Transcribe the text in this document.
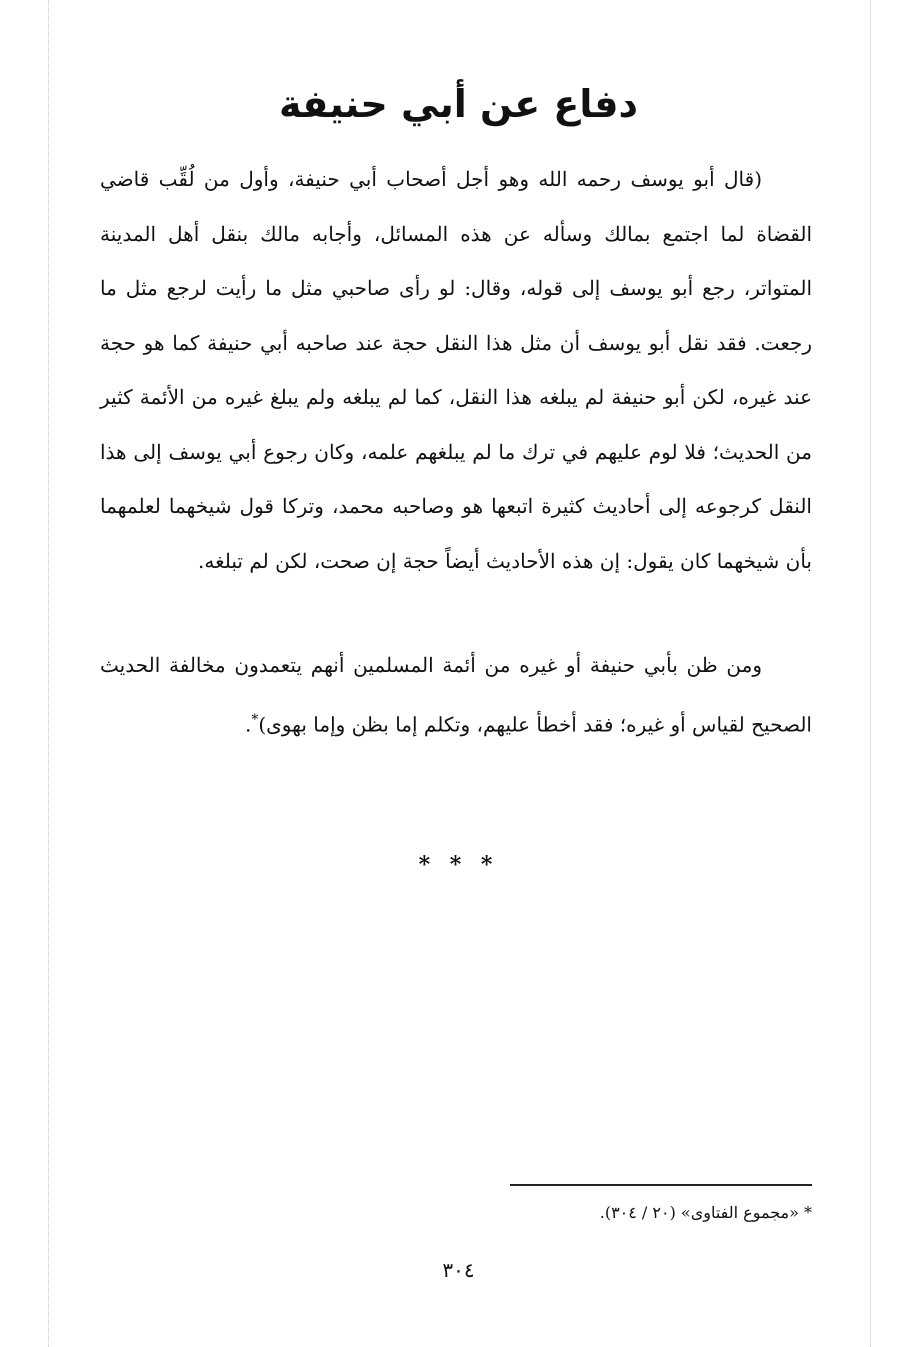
دفاع عن أبي حنيفة

(قال أبو يوسف رحمه الله وهو أجل أصحاب أبي حنيفة، وأول من لُقِّب قاضي القضاة لما اجتمع بمالك وسأله عن هذه المسائل، وأجابه مالك بنقل أهل المدينة المتواتر، رجع أبو يوسف إلى قوله، وقال: لو رأى صاحبي مثل ما رأيت لرجع مثل ما رجعت. فقد نقل أبو يوسف أن مثل هذا النقل حجة عند صاحبه أبي حنيفة كما هو حجة عند غيره، لكن أبو حنيفة لم يبلغه هذا النقل، كما لم يبلغه ولم يبلغ غيره من الأئمة كثير من الحديث؛ فلا لوم عليهم في ترك ما لم يبلغهم علمه، وكان رجوع أبي يوسف إلى هذا النقل كرجوعه إلى أحاديث كثيرة اتبعها هو وصاحبه محمد، وتركا قول شيخهما لعلمهما بأن شيخهما كان يقول: إن هذه الأحاديث أيضاً حجة إن صحت، لكن لم تبلغه.

ومن ظن بأبي حنيفة أو غيره من أئمة المسلمين أنهم يتعمدون مخالفة الحديث الصحيح لقياس أو غيره؛ فقد أخطأ عليهم، وتكلم إما بظن وإما بهوى)*.

* * *
* «مجموع الفتاوى» (٢٠ / ٣٠٤).
٣٠٤
